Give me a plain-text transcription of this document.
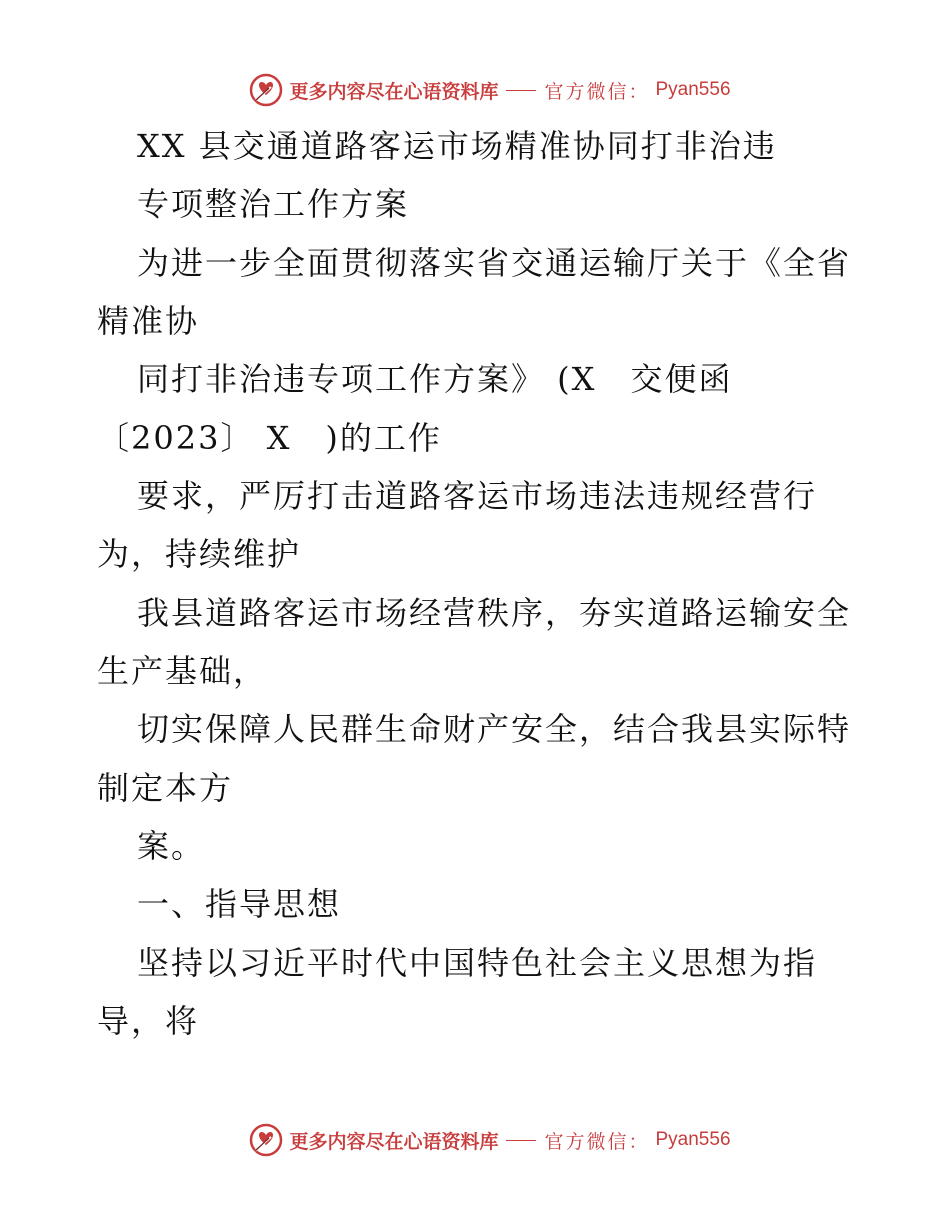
更多内容尽在心语资料库 官方微信： Pyan556
XX 县交通道路客运市场精准协同打非治违
专项整治工作方案
为进一步全面贯彻落实省交通运输厅关于《全省
精准协
同打非治违专项工作方案》 (X　交便函
〔2023〕 X　)的工作
要求，严厉打击道路客运市场违法违规经营行
为，持续维护
我县道路客运市场经营秩序，夯实道路运输安全
生产基础，
切实保障人民群生命财产安全，结合我县实际特
制定本方
案。
一、指导思想
坚持以习近平时代中国特色社会主义思想为指
导，将
更多内容尽在心语资料库 官方微信： Pyan556
